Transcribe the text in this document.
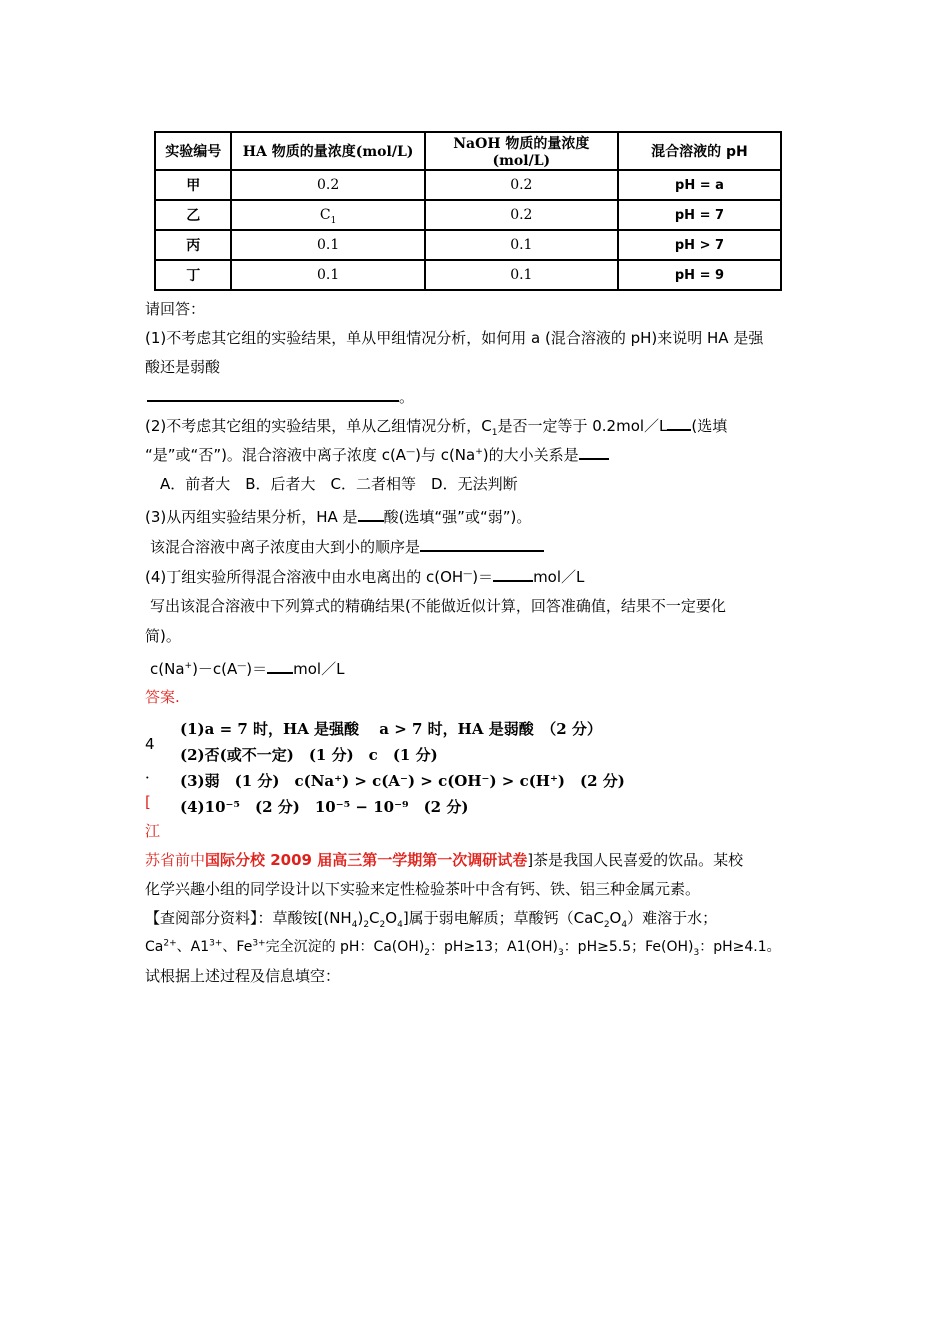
实验编号	HA 物质的量浓度(mol/L)	NaOH 物质的量浓度(mol/L)	混合溶液的 pH
甲	0.2	0.2	pH = a
乙	$C_1$	0.2	pH = 7
丙	0.1	0.1	pH > 7
丁	0.1	0.1	pH = 9
请回答：
(1)不考虑其它组的实验结果，单从甲组情况分析，如何用 a (混合溶液的 pH)来说明 HA 是强
酸还是弱酸
。
(2)不考虑其它组的实验结果，单从乙组情况分析，$C_1$是否一定等于 0.2mol／L (选填
“是”或“否”)。混合溶液中离子浓度 c(A—)与 c(Na+)的大小关系是
A．前者大　B．后者大　C．二者相等　D．无法判断
(3)从丙组实验结果分析，HA 是 酸(选填“强”或“弱”)。
该混合溶液中离子浓度由大到小的顺序是
(4)丁组实验所得混合溶液中由水电离出的 c(OH—)＝	mol／L
写出该混合溶液中下列算式的精确结果(不能做近似计算，回答准确值，结果不一定要化
简)。
c(Na+)－c(A—)＝ mol／L
答案.
(1)a = 7 时，HA 是强酸　 a > 7 时，HA 是弱酸　（2 分）
(2)否(或不一定)　(1 分)　c　(1 分)
(3)弱　(1 分)　c(Na⁺) > c(A⁻) > c(OH⁻) > c(H⁺)　(2 分)
(4)10⁻⁵　(2 分)　10⁻⁵ − 10⁻⁹　(2 分)
4
．
[
江
苏省前中国际分校 2009 届高三第一学期第一次调研试卷]茶是我国人民喜爱的饮品。某校
化学兴趣小组的同学设计以下实验来定性检验茶叶中含有钙、铁、铝三种金属元素。
【查阅部分资料】：草酸铵$[(NH_4)_2C_2O_4]$属于弱电解质；草酸钙$(CaC_2O_4)$难溶于水；
$Ca^{2+}$、$A1^{3+}$、$Fe^{3+}$完全沉淀的 pH：$Ca(OH)_2$：pH≥13；$A1(OH)_3$：pH≥5.5；$Fe(OH)_3$：pH≥4.1。
试根据上述过程及信息填空：
